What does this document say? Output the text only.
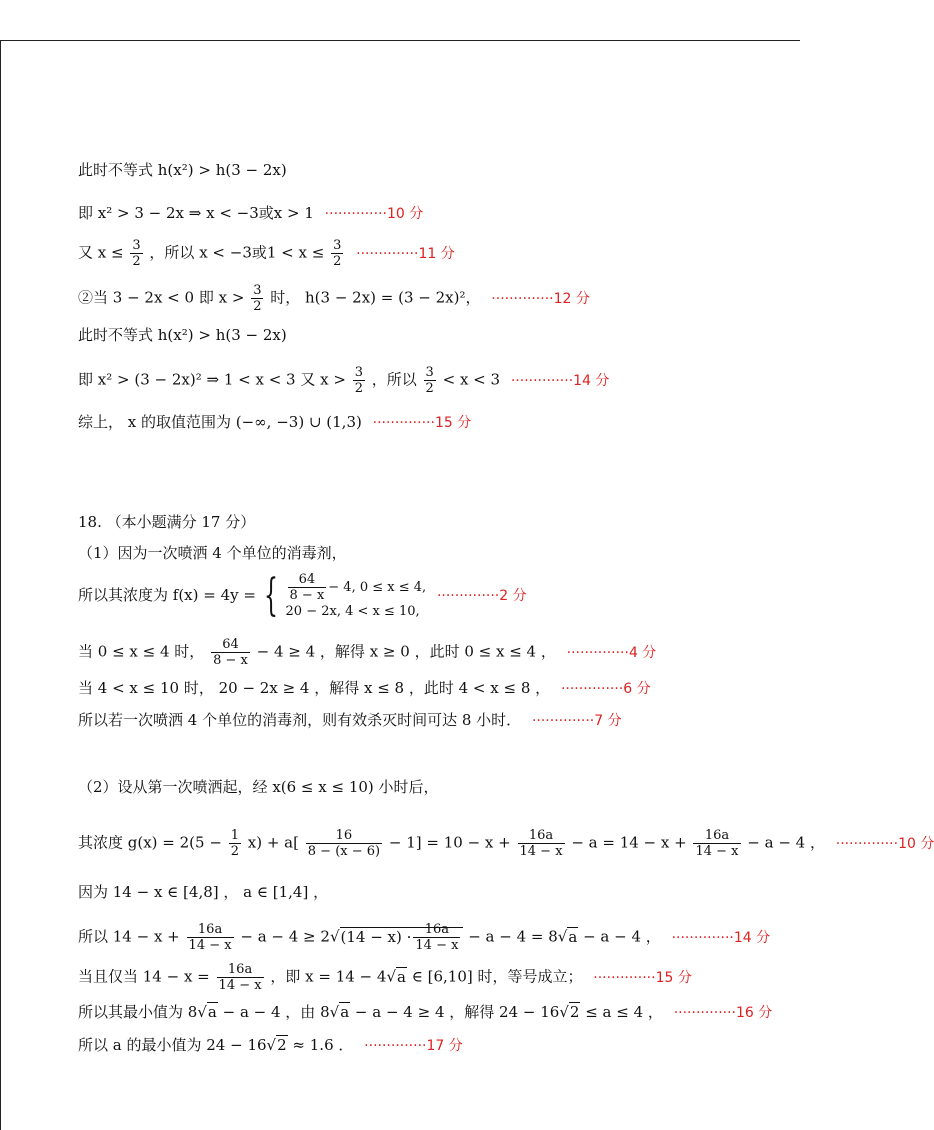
此时不等式 h(x²) > h(3 − 2x)
即 x² > 3 − 2x ⇒ x < −3或x > 1 ··············10 分
又 $x \le \frac{3}{2}$ ，所以 x < −3或$1 < x \le \frac{3}{2} \cdot\cdot\cdot\cdot\cdot\cdot\cdot\cdot\cdot\cdot\cdot\cdot\cdot\cdot 11$ 分
②当 3 − 2x < 0 即 $x > \frac{3}{2}$ 时， h(3 − 2x) = (3 − 2x)²， ··············12 分
此时不等式 h(x²) > h(3 − 2x)
即 x² > (3 − 2x)² ⇒ 1 < x < 3 又 $x > \frac{3}{2}$ ，所以 $\frac{3}{2} < x < 3 \cdot\cdot\cdot\cdot\cdot\cdot\cdot\cdot\cdot\cdot\cdot\cdot\cdot\cdot 14$ 分
综上， x 的取值范围为 (−∞, −3) ∪ (1,3) ··············15 分
18. （本小题满分 17 分）
（1）因为一次喷洒 4 个单位的消毒剂，
所以其浓度为 f(x) = 4y = { $\frac{64}{8 - x} - 4$, 0 ≤ x ≤ 4,
20 − 2x, 4 < x ≤ 10,
··············2 分
当 0 ≤ x ≤ 4 时， $\frac{64}{8 - x} - 4 \ge 4$ ，解得 x ≥ 0 ，此时 0 ≤ x ≤ 4 ， ··············4 分
当 4 < x ≤ 10 时， 20 − 2x ≥ 4 ，解得 x ≤ 8 ，此时 4 < x ≤ 8 ， ··············6 分
所以若一次喷洒 4 个单位的消毒剂，则有效杀灭时间可达 8 小时． ··············7 分
（2）设从第一次喷洒起，经 x(6 ≤ x ≤ 10) 小时后，
其浓度 $g(x) = 2(5 - \frac{1}{2} x) + a[ \frac{16}{8 - (x - 6)} - 1] = 10 - x + \frac{16a}{14 - x} - a = 14 - x + \frac{16a}{14 - x} - a - 4$ ， ··············10 分
因为 14 − x ∈ [4,8] ， a ∈ [1,4] ，
所以 $14 - x + \frac{16a}{14 - x} - a - 4 \ge 2√(14 - x) \cdot \frac{16a}{14 - x} - a - 4 = 8√a - a - 4$ ， ··············14 分
当且仅当 $14 - x = \frac{16a}{14 - x}$ ，即 x = 14 − 4√a ∈ [6,10] 时，等号成立； ··············15 分
所以其最小值为 8√a − a − 4 ，由 8√a − a − 4 ≥ 4 ，解得 24 − 16√2 ≤ a ≤ 4 ， ··············16 分
所以 a 的最小值为 24 − 16√2 ≈ 1.6 ． ··············17 分
